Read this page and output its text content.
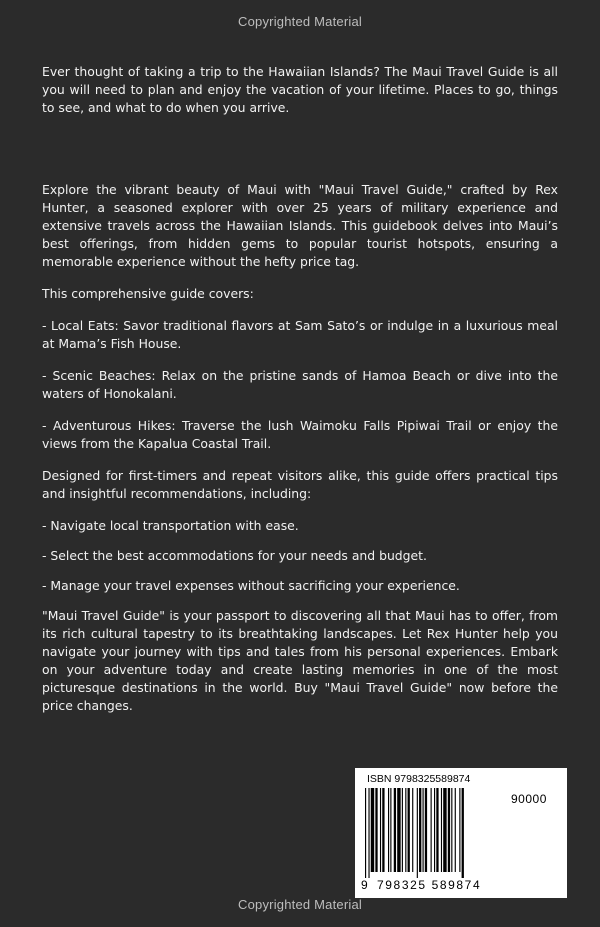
Copyrighted Material

Ever thought of taking a trip to the Hawaiian Islands? The Maui Travel Guide is all you will need to plan and enjoy the vacation of your lifetime. Places to go, things to see, and what to do when you arrive.

Explore the vibrant beauty of Maui with "Maui Travel Guide," crafted by Rex Hunter, a seasoned explorer with over 25 years of military experience and extensive travels across the Hawaiian Islands. This guidebook delves into Maui’s best offerings, from hidden gems to popular tourist hotspots, ensuring a memorable experience without the hefty price tag.

This comprehensive guide covers:

- Local Eats: Savor traditional flavors at Sam Sato’s or indulge in a luxurious meal at Mama’s Fish House.

- Scenic Beaches: Relax on the pristine sands of Hamoa Beach or dive into the waters of Honokalani.

- Adventurous Hikes: Traverse the lush Waimoku Falls Pipiwai Trail or enjoy the views from the Kapalua Coastal Trail.

Designed for first-timers and repeat visitors alike, this guide offers practical tips and insightful recommendations, including:

- Navigate local transportation with ease.

- Select the best accommodations for your needs and budget.

- Manage your travel expenses without sacrificing your experience.

"Maui Travel Guide" is your passport to discovering all that Maui has to offer, from its rich cultural tapestry to its breathtaking landscapes. Let Rex Hunter help you navigate your journey with tips and tales from his personal experiences. Embark on your adventure today and create lasting memories in one of the most picturesque destinations in the world. Buy "Maui Travel Guide" now before the price changes.

ISBN 9798325589874
90000
9 798325 589874
Copyrighted Material
